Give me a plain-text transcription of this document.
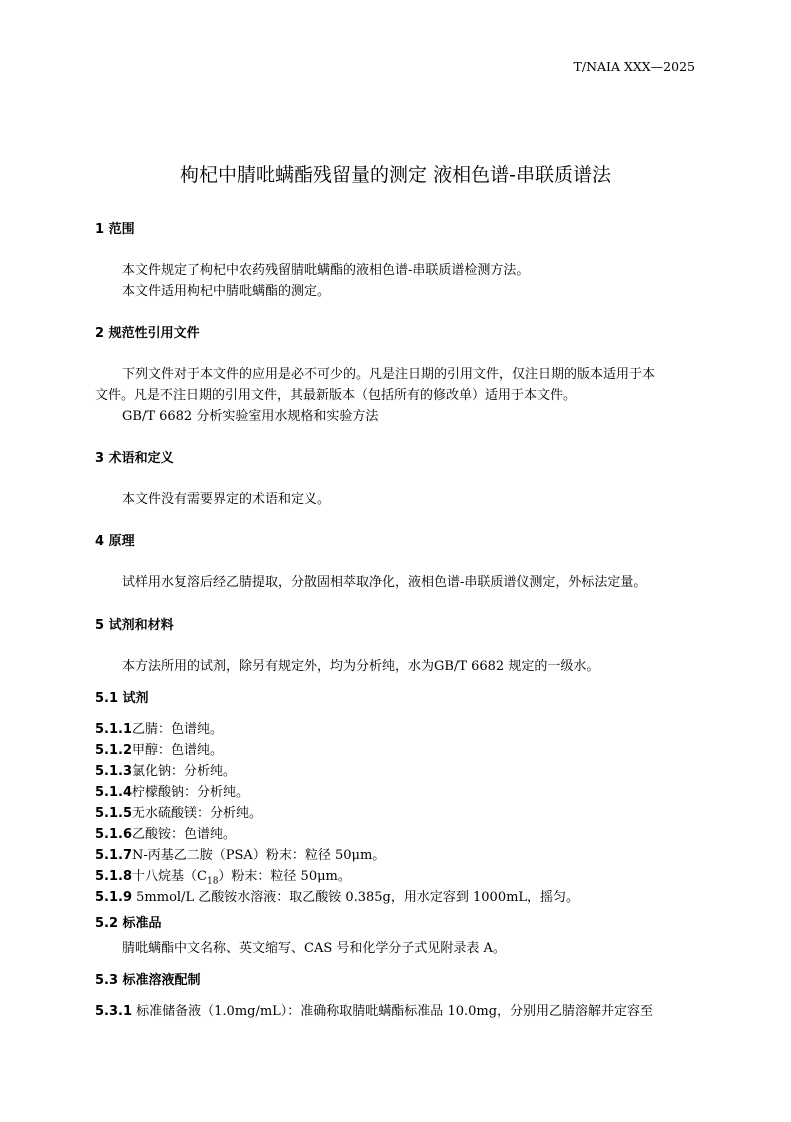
T/NAIA XXX—2025
枸杞中腈吡螨酯残留量的测定 液相色谱-串联质谱法
1 范围
本文件规定了枸杞中农药残留腈吡螨酯的液相色谱-串联质谱检测方法。
本文件适用枸杞中腈吡螨酯的测定。
2 规范性引用文件
下列文件对于本文件的应用是必不可少的。凡是注日期的引用文件，仅注日期的版本适用于本
文件。凡是不注日期的引用文件，其最新版本（包括所有的修改单）适用于本文件。
GB/T 6682 分析实验室用水规格和实验方法
3 术语和定义
本文件没有需要界定的术语和定义。
4 原理
试样用水复溶后经乙腈提取，分散固相萃取净化，液相色谱-串联质谱仪测定，外标法定量。
5 试剂和材料
本方法所用的试剂，除另有规定外，均为分析纯，水为GB/T 6682 规定的一级水。
5.1 试剂
5.1.1乙腈：色谱纯。
5.1.2甲醇：色谱纯。
5.1.3氯化钠：分析纯。
5.1.4柠檬酸钠：分析纯。
5.1.5无水硫酸镁：分析纯。
5.1.6乙酸铵：色谱纯。
5.1.7N-丙基乙二胺（PSA）粉末：粒径 50μm。
5.1.8十八烷基$(C_{18})$粉末：粒径 50μm。
5.1.9 5mmol/L 乙酸铵水溶液：取乙酸铵 0.385g，用水定容到 1000mL，摇匀。
5.2 标准品
腈吡螨酯中文名称、英文缩写、CAS 号和化学分子式见附录表 A。
5.3 标准溶液配制
5.3.1 标准储备液（1.0mg/mL）：准确称取腈吡螨酯标准品 10.0mg，分别用乙腈溶解并定容至
